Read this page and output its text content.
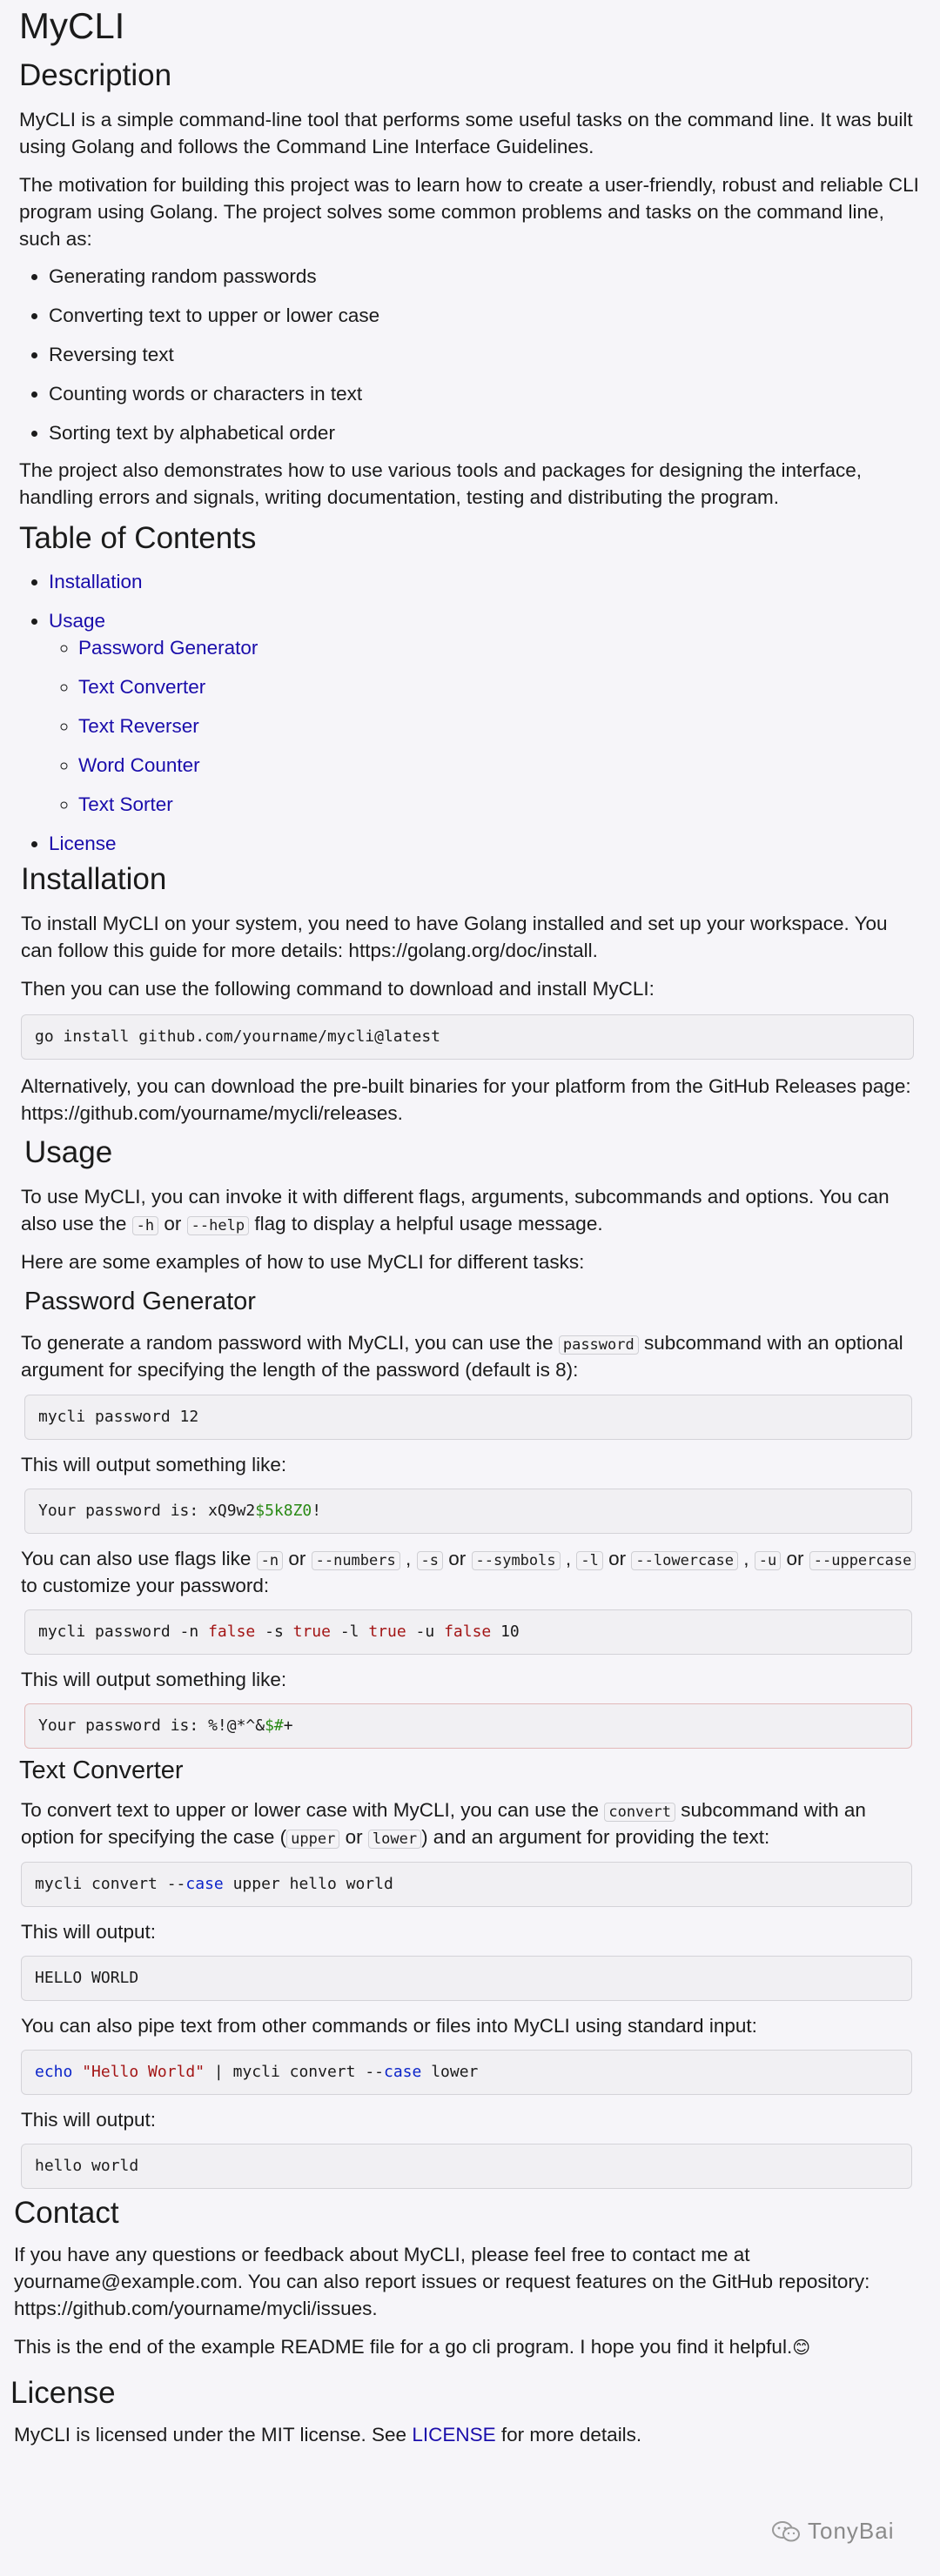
MyCLI
Description

MyCLI is a simple command-line tool that performs some useful tasks on the command line. It was built using Golang and follows the Command Line Interface Guidelines.

The motivation for building this project was to learn how to create a user-friendly, robust and reliable CLI program using Golang. The project solves some common problems and tasks on the command line, such as:

• Generating random passwords
• Converting text to upper or lower case
• Reversing text
• Counting words or characters in text
• Sorting text by alphabetical order

The project also demonstrates how to use various tools and packages for designing the interface, handling errors and signals, writing documentation, testing and distributing the program.

Table of Contents
• Installation
• Usage
◦ Password Generator
◦ Text Converter
◦ Text Reverser
◦ Word Counter
◦ Text Sorter
• License
Installation

To install MyCLI on your system, you need to have Golang installed and set up your workspace. You can follow this guide for more details: https://golang.org/doc/install.

Then you can use the following command to download and install MyCLI:

go install github.com/yourname/mycli@latest

Alternatively, you can download the pre-built binaries for your platform from the GitHub Releases page: https://github.com/yourname/mycli/releases.

Usage

To use MyCLI, you can invoke it with different flags, arguments, subcommands and options. You can also use the -h or --help flag to display a helpful usage message.

Here are some examples of how to use MyCLI for different tasks:

Password Generator

To generate a random password with MyCLI, you can use the password subcommand with an optional argument for specifying the length of the password (default is 8):

mycli password 12

This will output something like:

Your password is: xQ9w2$5k8Z0!

You can also use flags like -n or --numbers , -s or --symbols , -l or --lowercase , -u or --uppercase to customize your password:

mycli password -n false -s true -l true -u false 10

This will output something like:

Your password is: %!@*^&$#+
Text Converter

To convert text to upper or lower case with MyCLI, you can use the convert subcommand with an option for specifying the case ( upper or lower ) and an argument for providing the text:

mycli convert --case upper hello world

This will output:

HELLO WORLD

You can also pipe text from other commands or files into MyCLI using standard input:

echo "Hello World" | mycli convert --case lower

This will output:

hello world
Contact

If you have any questions or feedback about MyCLI, please feel free to contact me at yourname@example.com. You can also report issues or request features on the GitHub repository: https://github.com/yourname/mycli/issues.

This is the end of the example README file for a go cli program. I hope you find it helpful.😊

License

MyCLI is licensed under the MIT license. See LICENSE for more details.

TonyBai
